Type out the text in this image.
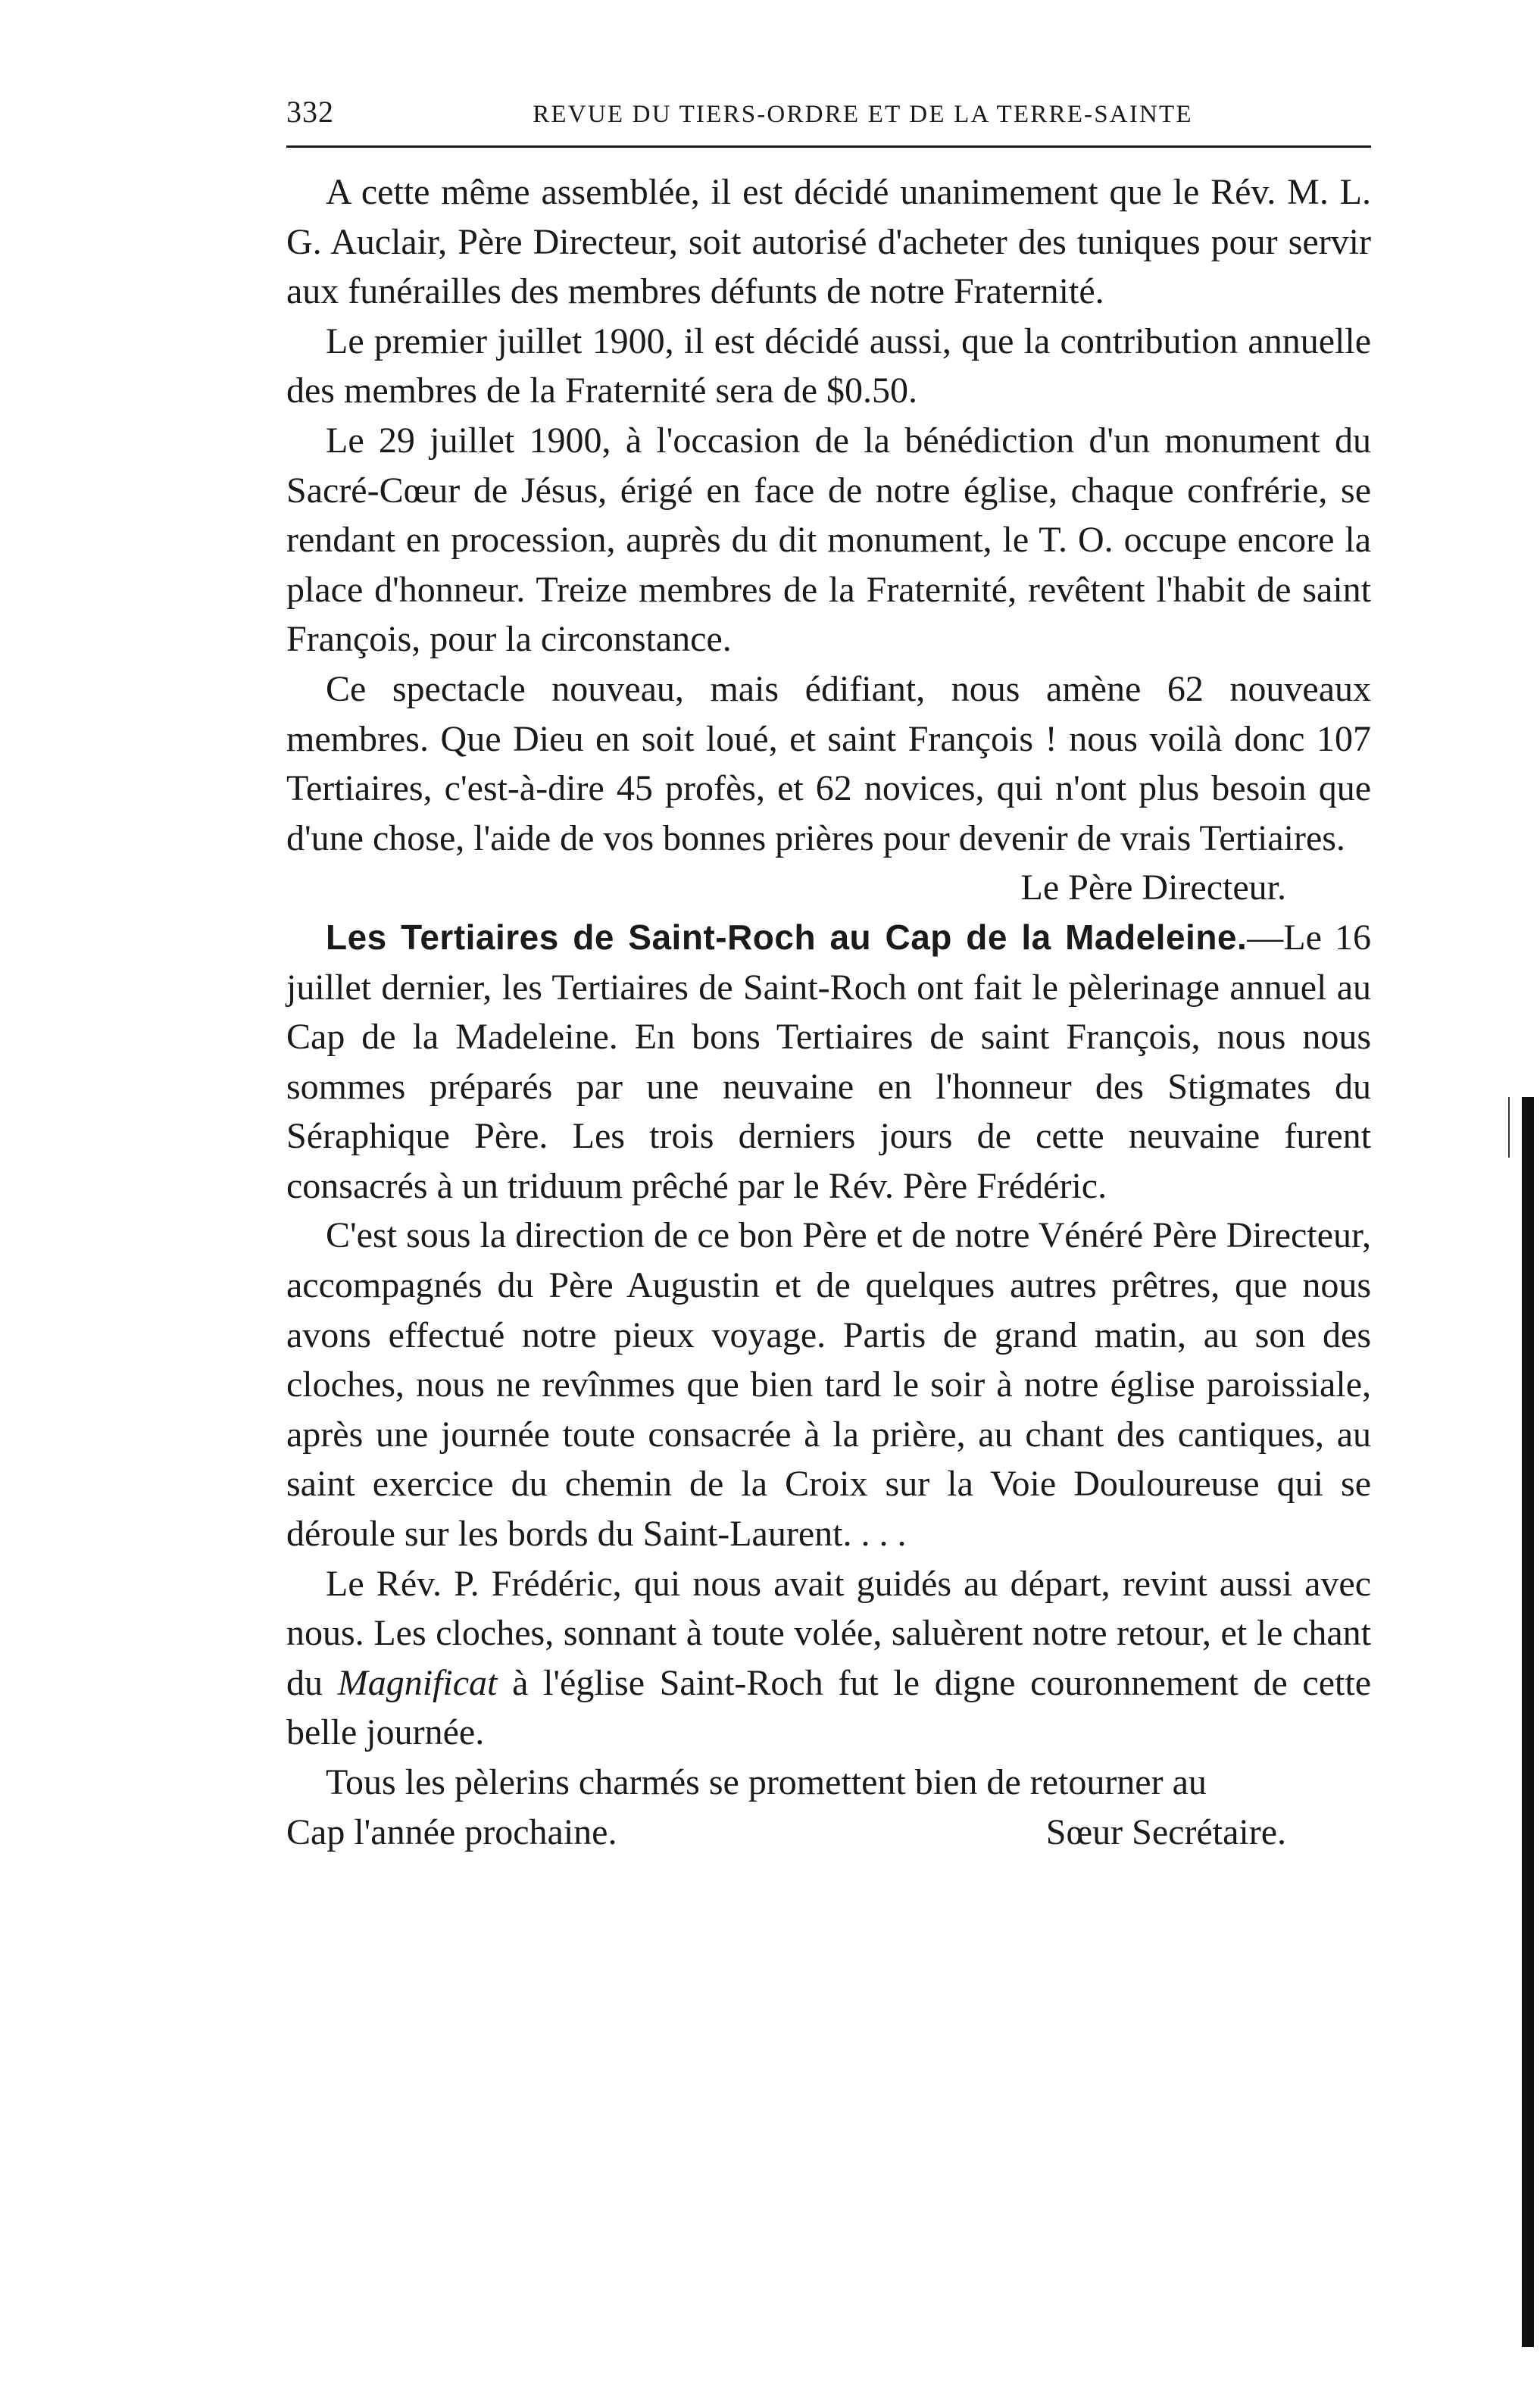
332	REVUE DU TIERS-ORDRE ET DE LA TERRE-SAINTE

A cette même assemblée, il est décidé unanimement que le Rév. M. L. G. Auclair, Père Directeur, soit autorisé d'acheter des tuniques pour servir aux funérailles des membres défunts de notre Fraternité.

Le premier juillet 1900, il est décidé aussi, que la contribution annuelle des membres de la Fraternité sera de $0.50.

Le 29 juillet 1900, à l'occasion de la bénédiction d'un monument du Sacré-Cœur de Jésus, érigé en face de notre église, chaque confrérie, se rendant en procession, auprès du dit monument, le T. O. occupe encore la place d'honneur. Treize membres de la Fraternité, revêtent l'habit de saint François, pour la circonstance.

Ce spectacle nouveau, mais édifiant, nous amène 62 nouveaux membres. Que Dieu en soit loué, et saint François ! nous voilà donc 107 Tertiaires, c'est-à-dire 45 profès, et 62 novices, qui n'ont plus besoin que d'une chose, l'aide de vos bonnes prières pour devenir de vrais Tertiaires.

Le Père Directeur.

Les Tertiaires de Saint-Roch au Cap de la Madeleine.—Le 16 juillet dernier, les Tertiaires de Saint-Roch ont fait le pèlerinage annuel au Cap de la Madeleine. En bons Tertiaires de saint François, nous nous sommes préparés par une neuvaine en l'honneur des Stigmates du Séraphique Père. Les trois derniers jours de cette neuvaine furent consacrés à un triduum prêché par le Rév. Père Frédéric.

C'est sous la direction de ce bon Père et de notre Vénéré Père Directeur, accompagnés du Père Augustin et de quelques autres prêtres, que nous avons effectué notre pieux voyage. Partis de grand matin, au son des cloches, nous ne revînmes que bien tard le soir à notre église paroissiale, après une journée toute consacrée à la prière, au chant des cantiques, au saint exercice du chemin de la Croix sur la Voie Douloureuse qui se déroule sur les bords du Saint-Laurent. . . .

Le Rév. P. Frédéric, qui nous avait guidés au départ, revint aussi avec nous. Les cloches, sonnant à toute volée, saluèrent notre retour, et le chant du Magnificat à l'église Saint-Roch fut le digne couronnement de cette belle journée.

Tous les pèlerins charmés se promettent bien de retourner au

Cap l'année prochaine.	Sœur Secrétaire.
